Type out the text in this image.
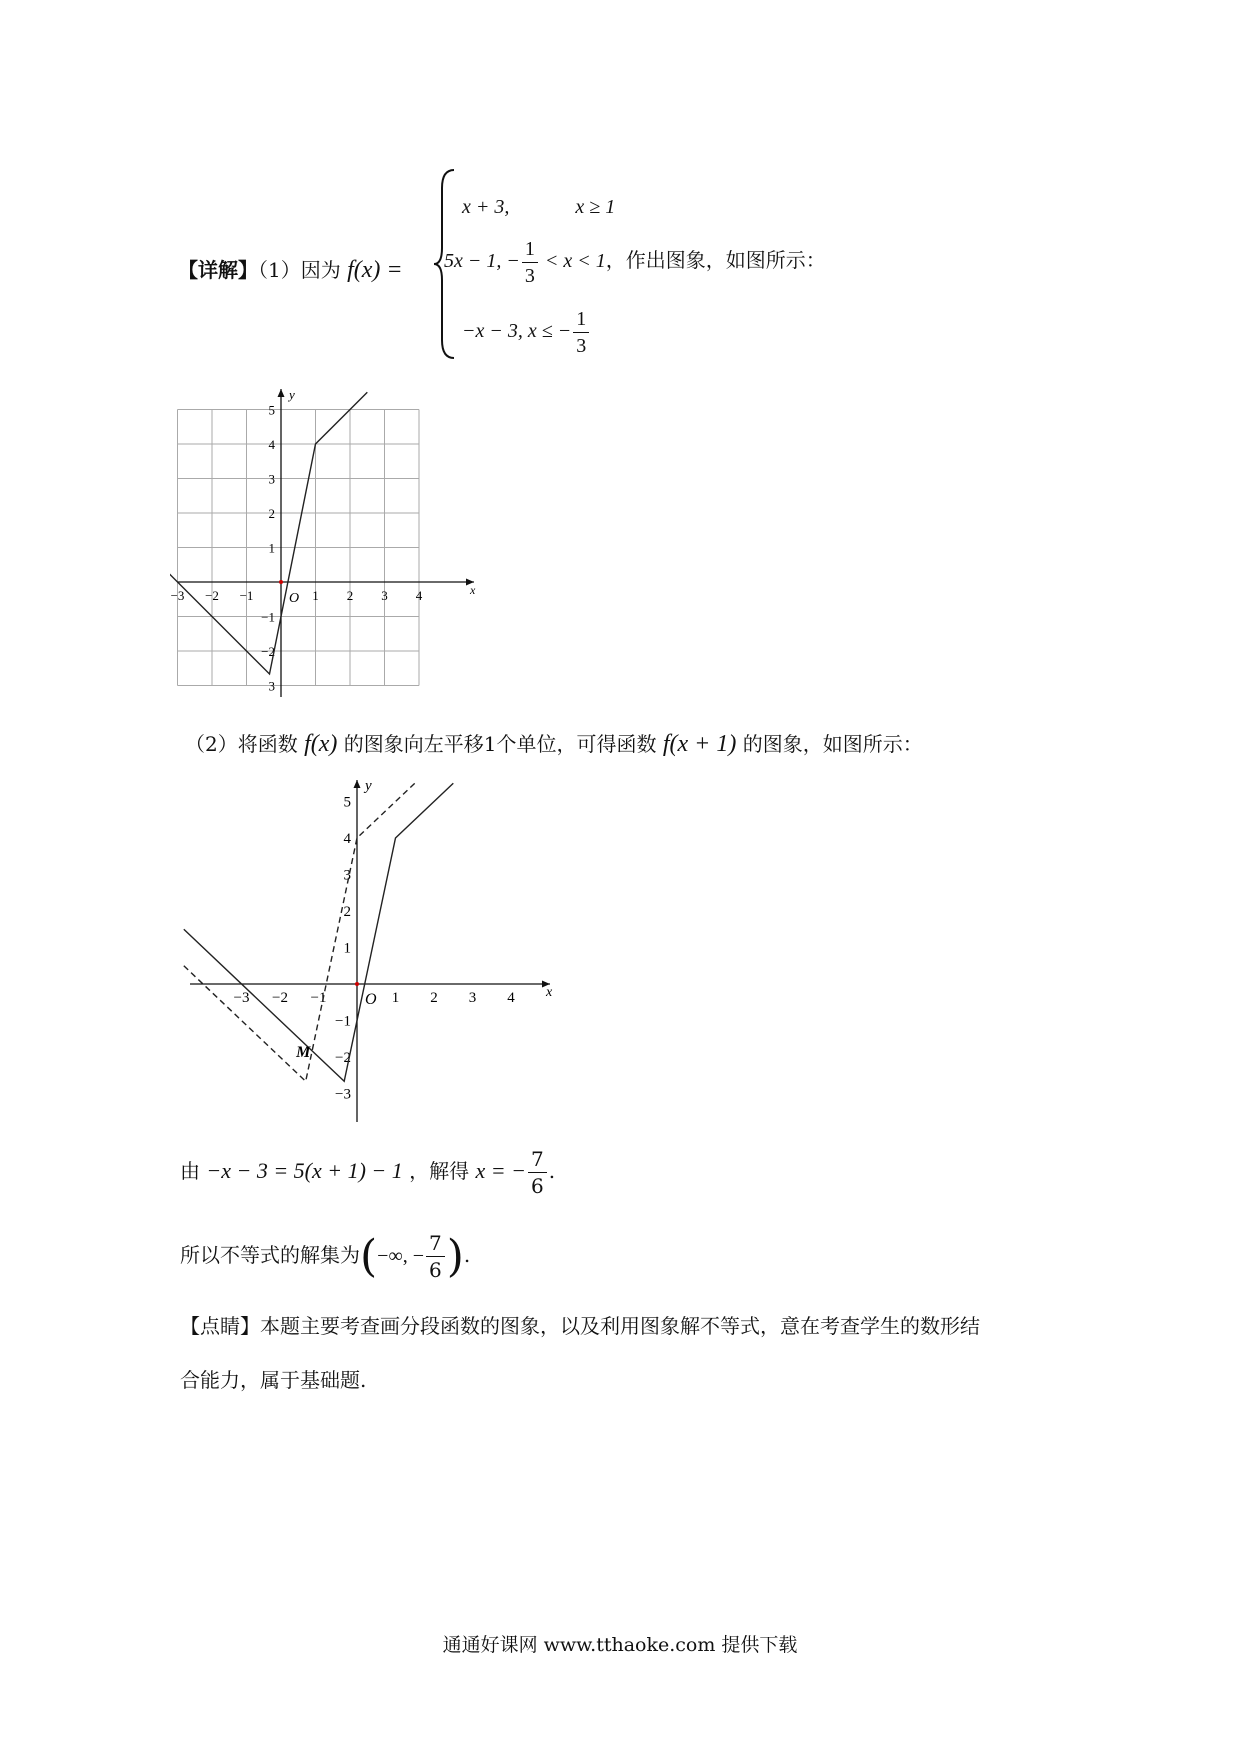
【详解】（1）因为 f(x) =
x + 3,	x ≥ 1
5x − 1, − $\frac{1}{3} < x < 1$，作出图象，如图所示：
−x − 3, x ≤ − $\frac{1}{3}$
−3 −2 −1	1 2 3 4
5
4
3
2
1
−1
−2
3
x
y
O
（2）将函数 f(x) 的图象向左平移1个单位，可得函数 f(x + 1) 的图象，如图所示：
−3 −2 −1	1 2 3 4
5
4
3
2
1
−1
−2
−3
x
y
O
M
由 −x − 3 = 5(x + 1) − 1 ，解得 x = − $\frac{7}{6}$ .
所以不等式的解集为(−∞, − $\frac{7}{6}$ ).
【点睛】本题主要考查画分段函数的图象，以及利用图象解不等式，意在考查学生的数形结
合能力，属于基础题.
通通好课网 www.tthaoke.com 提供下载
